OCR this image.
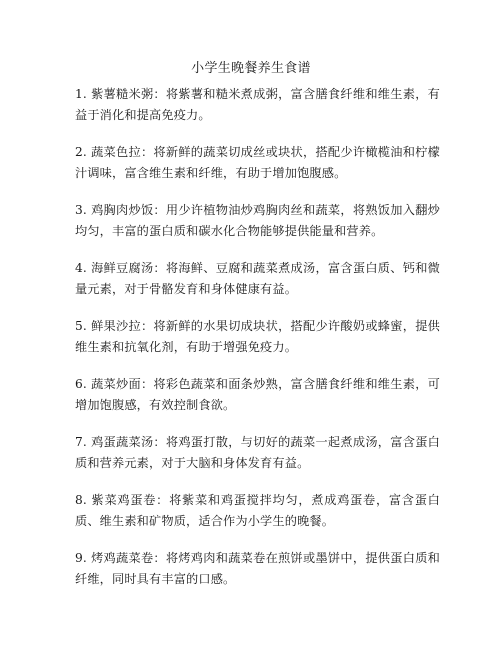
小学生晚餐养生食谱

1. 紫薯糙米粥：将紫薯和糙米煮成粥，富含膳食纤维和维生素，有益于消化和提高免疫力。

2. 蔬菜色拉：将新鲜的蔬菜切成丝或块状，搭配少许橄榄油和柠檬汁调味，富含维生素和纤维，有助于增加饱腹感。

3. 鸡胸肉炒饭：用少许植物油炒鸡胸肉丝和蔬菜，将熟饭加入翻炒均匀，丰富的蛋白质和碳水化合物能够提供能量和营养。

4. 海鲜豆腐汤：将海鲜、豆腐和蔬菜煮成汤，富含蛋白质、钙和微量元素，对于骨骼发育和身体健康有益。

5. 鲜果沙拉：将新鲜的水果切成块状，搭配少许酸奶或蜂蜜，提供维生素和抗氧化剂，有助于增强免疫力。

6. 蔬菜炒面：将彩色蔬菜和面条炒熟，富含膳食纤维和维生素，可增加饱腹感，有效控制食欲。

7. 鸡蛋蔬菜汤：将鸡蛋打散，与切好的蔬菜一起煮成汤，富含蛋白质和营养元素，对于大脑和身体发育有益。

8. 紫菜鸡蛋卷：将紫菜和鸡蛋搅拌均匀，煮成鸡蛋卷，富含蛋白质、维生素和矿物质，适合作为小学生的晚餐。

9. 烤鸡蔬菜卷：将烤鸡肉和蔬菜卷在煎饼或墨饼中，提供蛋白质和纤维，同时具有丰富的口感。
